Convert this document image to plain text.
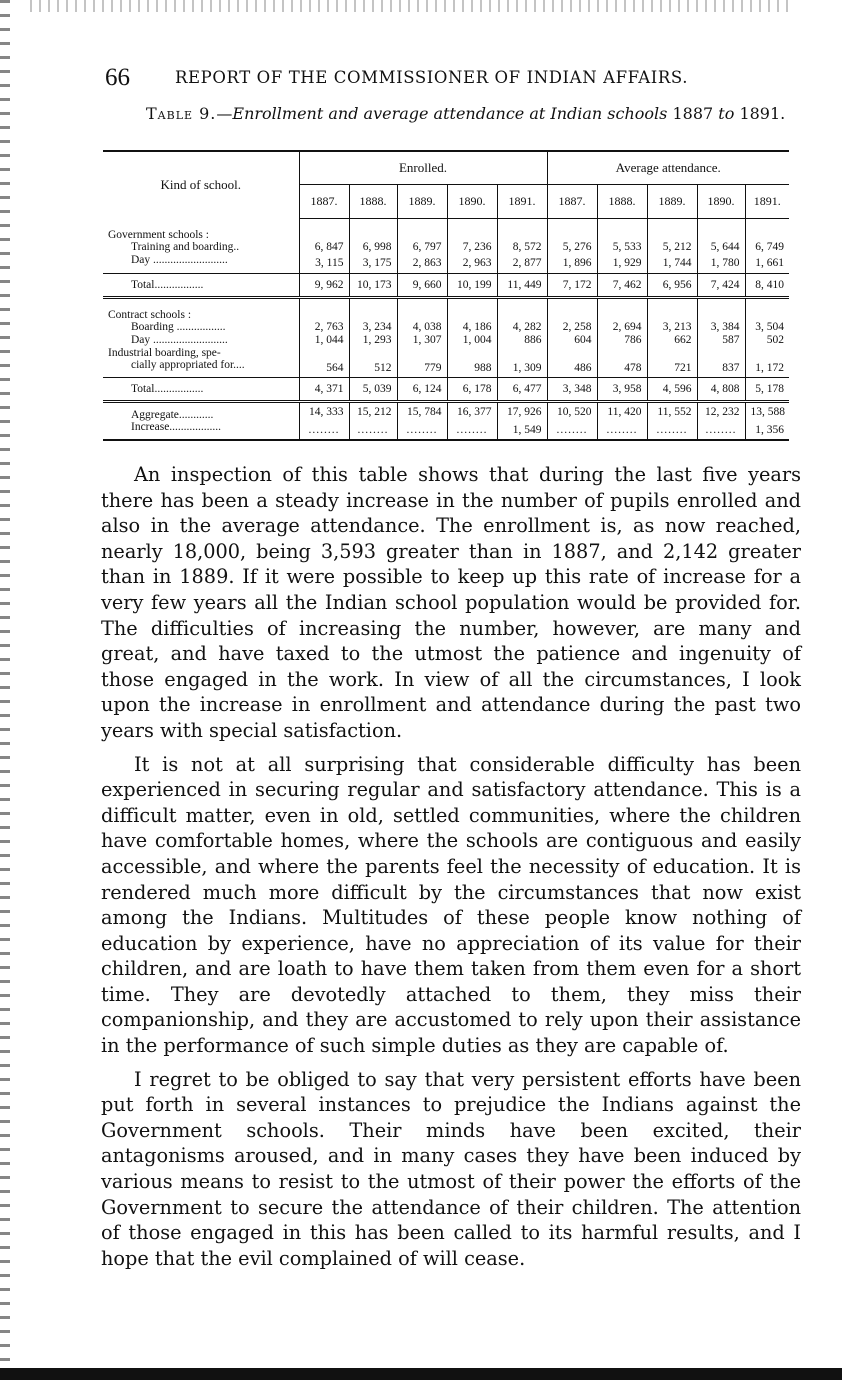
66	REPORT OF THE COMMISSIONER OF INDIAN AFFAIRS.
Table 9.—Enrollment and average attendance at Indian schools 1887 to 1891.

Kind of school.	Enrolled.					Average attendance.				
	1887.	1888.	1889.	1890.	1891.	1887.	1888.	1889.	1890.	1891.
Government schools :										
Training and boarding..	6, 847	6, 998	6, 797	7, 236	8, 572	5, 276	5, 533	5, 212	5, 644	6, 749
Day ..........................	3, 115	3, 175	2, 863	2, 963	2, 877	1, 896	1, 929	1, 744	1, 780	1, 661
Total.................	9, 962	10, 173	9, 660	10, 199	11, 449	7, 172	7, 462	6, 956	7, 424	8, 410
Contract schools :										
Boarding .................	2, 763	3, 234	4, 038	4, 186	4, 282	2, 258	2, 694	3, 213	3, 384	3, 504
Day ..........................	1, 044	1, 293	1, 307	1, 004	886	604	786	662	587	502
Industrial boarding, spe-										
cially appropriated for....	564	512	779	988	1, 309	486	478	721	837	1, 172
Total.................	4, 371	5, 039	6, 124	6, 178	6, 477	3, 348	3, 958	4, 596	4, 808	5, 178
Aggregate............	14, 333	15, 212	15, 784	16, 377	17, 926	10, 520	11, 420	11, 552	12, 232	13, 588
Increase..................	........	........	........	........	1, 549	........	........	........	........	1, 356

An inspection of this table shows that during the last five years there has been a steady increase in the number of pupils enrolled and also in the average attendance. The enrollment is, as now reached, nearly 18,000, being 3,593 greater than in 1887, and 2,142 greater than in 1889. If it were possible to keep up this rate of increase for a very few years all the Indian school population would be provided for. The difficulties of increasing the number, however, are many and great, and have taxed to the utmost the patience and ingenuity of those engaged in the work. In view of all the circumstances, I look upon the increase in enrollment and attendance during the past two years with special satisfaction.

It is not at all surprising that considerable difficulty has been experienced in securing regular and satisfactory attendance. This is a difficult matter, even in old, settled communities, where the children have comfortable homes, where the schools are contiguous and easily accessible, and where the parents feel the necessity of education. It is rendered much more difficult by the circumstances that now exist among the Indians. Multitudes of these people know nothing of education by experience, have no appreciation of its value for their children, and are loath to have them taken from them even for a short time. They are devotedly attached to them, they miss their companionship, and they are accustomed to rely upon their assistance in the performance of such simple duties as they are capable of.

I regret to be obliged to say that very persistent efforts have been put forth in several instances to prejudice the Indians against the Government schools. Their minds have been excited, their antagonisms aroused, and in many cases they have been induced by various means to resist to the utmost of their power the efforts of the Government to secure the attendance of their children. The attention of those engaged in this has been called to its harmful results, and I hope that the evil complained of will cease.
